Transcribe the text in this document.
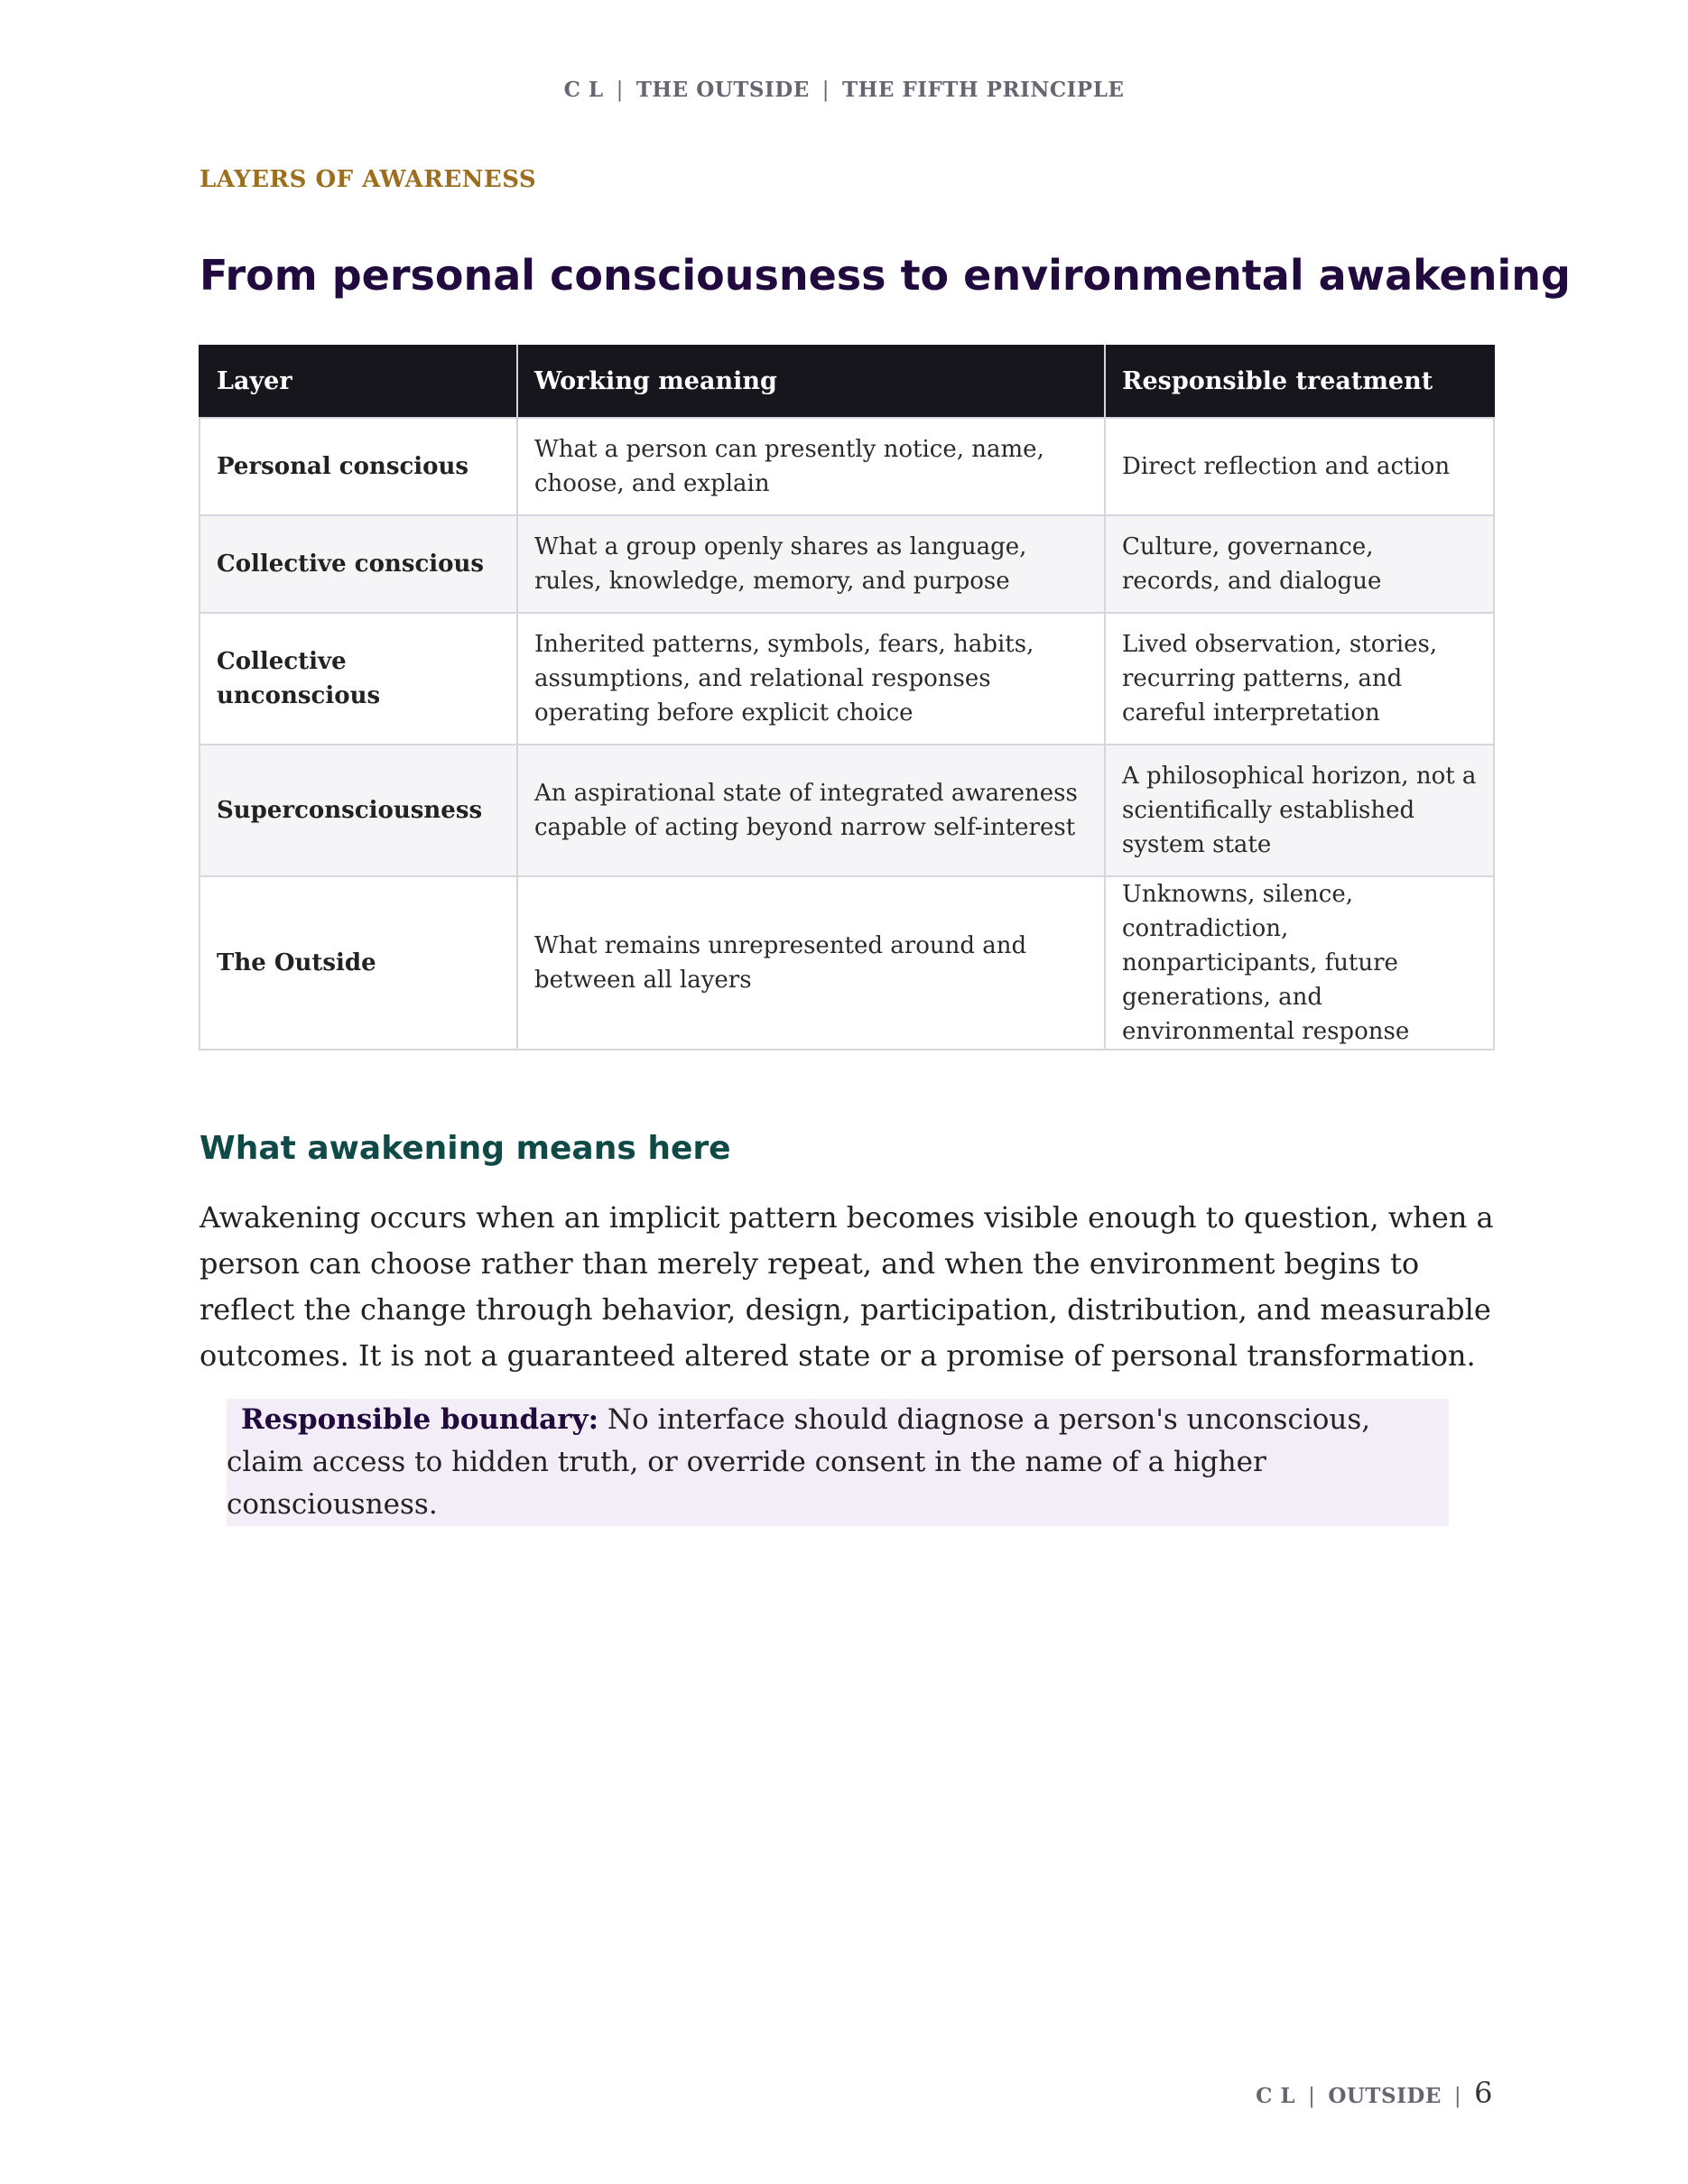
C L | THE OUTSIDE | THE FIFTH PRINCIPLE
LAYERS OF AWARENESS
From personal consciousness to environmental awakening
Layer	Working meaning	Responsible treatment
Personal conscious	What a person can presently notice, name, choose, and explain	Direct reflection and action
Collective conscious	What a group openly shares as language, rules, knowledge, memory, and purpose	Culture, governance, records, and dialogue
Collective unconscious	Inherited patterns, symbols, fears, habits, assumptions, and relational responses operating before explicit choice	Lived observation, stories, recurring patterns, and careful interpretation
Superconsciousness	An aspirational state of integrated awareness capable of acting beyond narrow self-interest	A philosophical horizon, not a scientifically established system state
The Outside	What remains unrepresented around and between all layers	Unknowns, silence, contradiction, nonparticipants, future generations, and environmental response
What awakening means here

Awakening occurs when an implicit pattern becomes visible enough to question, when a person can choose rather than merely repeat, and when the environment begins to reflect the change through behavior, design, participation, distribution, and measurable outcomes. It is not a guaranteed altered state or a promise of personal transformation.

Responsible boundary: No interface should diagnose a person's unconscious, claim access to hidden truth, or override consent in the name of a higher consciousness.
C L | OUTSIDE | 6
